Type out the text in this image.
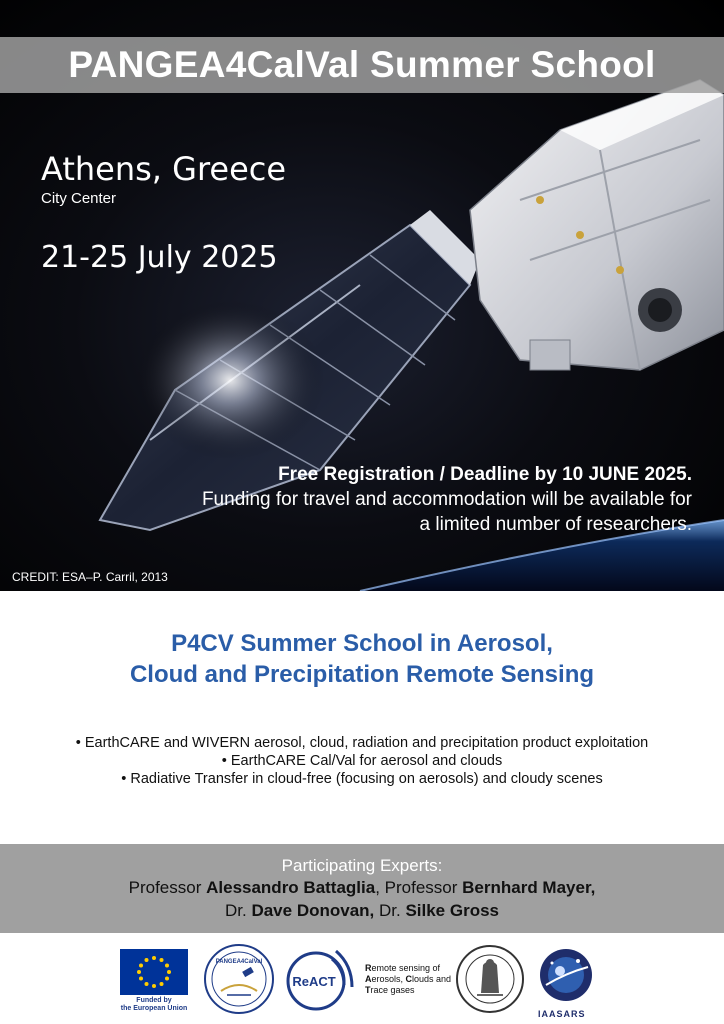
PANGEA4CalVal Summer School
Athens, Greece
City Center
21-25 July 2025
Free Registration / Deadline by 10 JUNE 2025.
Funding for travel and accommodation will be available for
a limited number of researchers.
CREDIT: ESA–P. Carril, 2013
P4CV Summer School in Aerosol,
Cloud and Precipitation Remote Sensing
• EarthCARE and WIVERN aerosol, cloud, radiation and precipitation product exploitation
• EarthCARE Cal/Val for aerosol and clouds
• Radiative Transfer in cloud-free (focusing on aerosols) and cloudy scenes
Participating Experts:
Professor Alessandro Battaglia, Professor Bernhard Mayer,
Dr. Dave Donovan, Dr. Silke Gross
Funded by
the European Union
PANGEA4CalVal
ReACT
Remote sensing of
Aerosols, Clouds and
Trace gases
IAASARS
